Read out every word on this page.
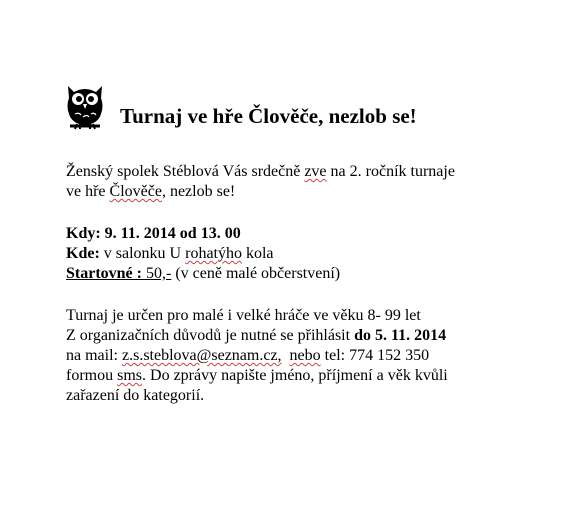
Turnaj ve hře Člověče, nezlob se!
Ženský spolek Stéblová Vás srdečně zve na 2. ročník turnaje
ve hře Člověče, nezlob se!
Kdy: 9. 11. 2014 od 13. 00
Kde: v salonku U rohatýho kola
Startovné : 50,- (v ceně malé občerstvení)
Turnaj je určen pro malé i velké hráče ve věku 8- 99 let
Z organizačních důvodů je nutné se přihlásit do 5. 11. 2014
na mail: z.s.steblova@seznam.cz, nebo tel: 774 152 350
formou sms. Do zprávy napište jméno, příjmení a věk kvůli
zařazení do kategorií.
